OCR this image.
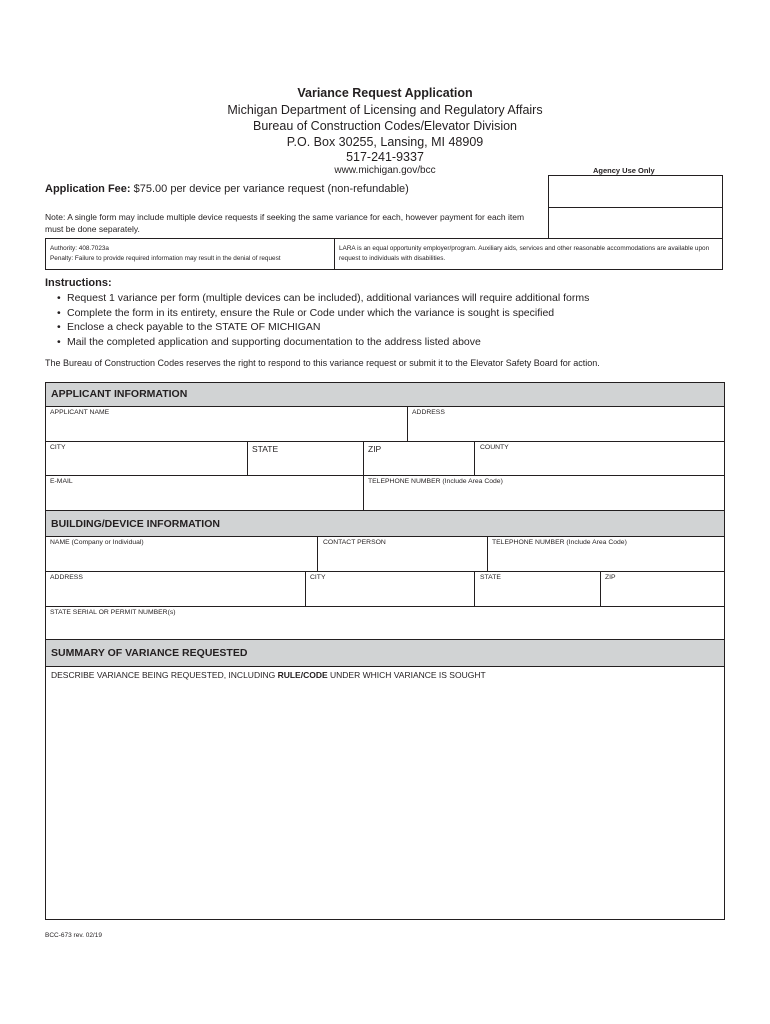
Variance Request Application
Michigan Department of Licensing and Regulatory Affairs
Bureau of Construction Codes/Elevator Division
P.O. Box 30255, Lansing, MI 48909
517-241-9337
www.michigan.gov/bcc	Agency Use Only
Application Fee: $75.00 per device per variance request (non-refundable)
Note: A single form may include multiple device requests if seeking the same variance for each, however payment for each item must be done separately.
Authority: 408.7023a
Penalty: Failure to provide required information may result in the denial of request
LARA is an equal opportunity employer/program. Auxiliary aids, services and other reasonable accommodations are available upon request to individuals with disabilities.
Instructions:
• Request 1 variance per form (multiple devices can be included), additional variances will require additional forms
• Complete the form in its entirety, ensure the Rule or Code under which the variance is sought is specified
• Enclose a check payable to the STATE OF MICHIGAN
• Mail the completed application and supporting documentation to the address listed above
The Bureau of Construction Codes reserves the right to respond to this variance request or submit it to the Elevator Safety Board for action.
APPLICANT INFORMATION
APPLICANT NAME	ADDRESS
CITY	STATE	ZIP	COUNTY
E-MAIL	TELEPHONE NUMBER (Include Area Code)
BUILDING/DEVICE INFORMATION
NAME (Company or Individual)	CONTACT PERSON	TELEPHONE NUMBER (Include Area Code)
ADDRESS	CITY	STATE	ZIP
STATE SERIAL OR PERMIT NUMBER(s)
SUMMARY OF VARIANCE REQUESTED
DESCRIBE VARIANCE BEING REQUESTED, INCLUDING RULE/CODE UNDER WHICH VARIANCE IS SOUGHT
BCC-673 rev. 02/19
